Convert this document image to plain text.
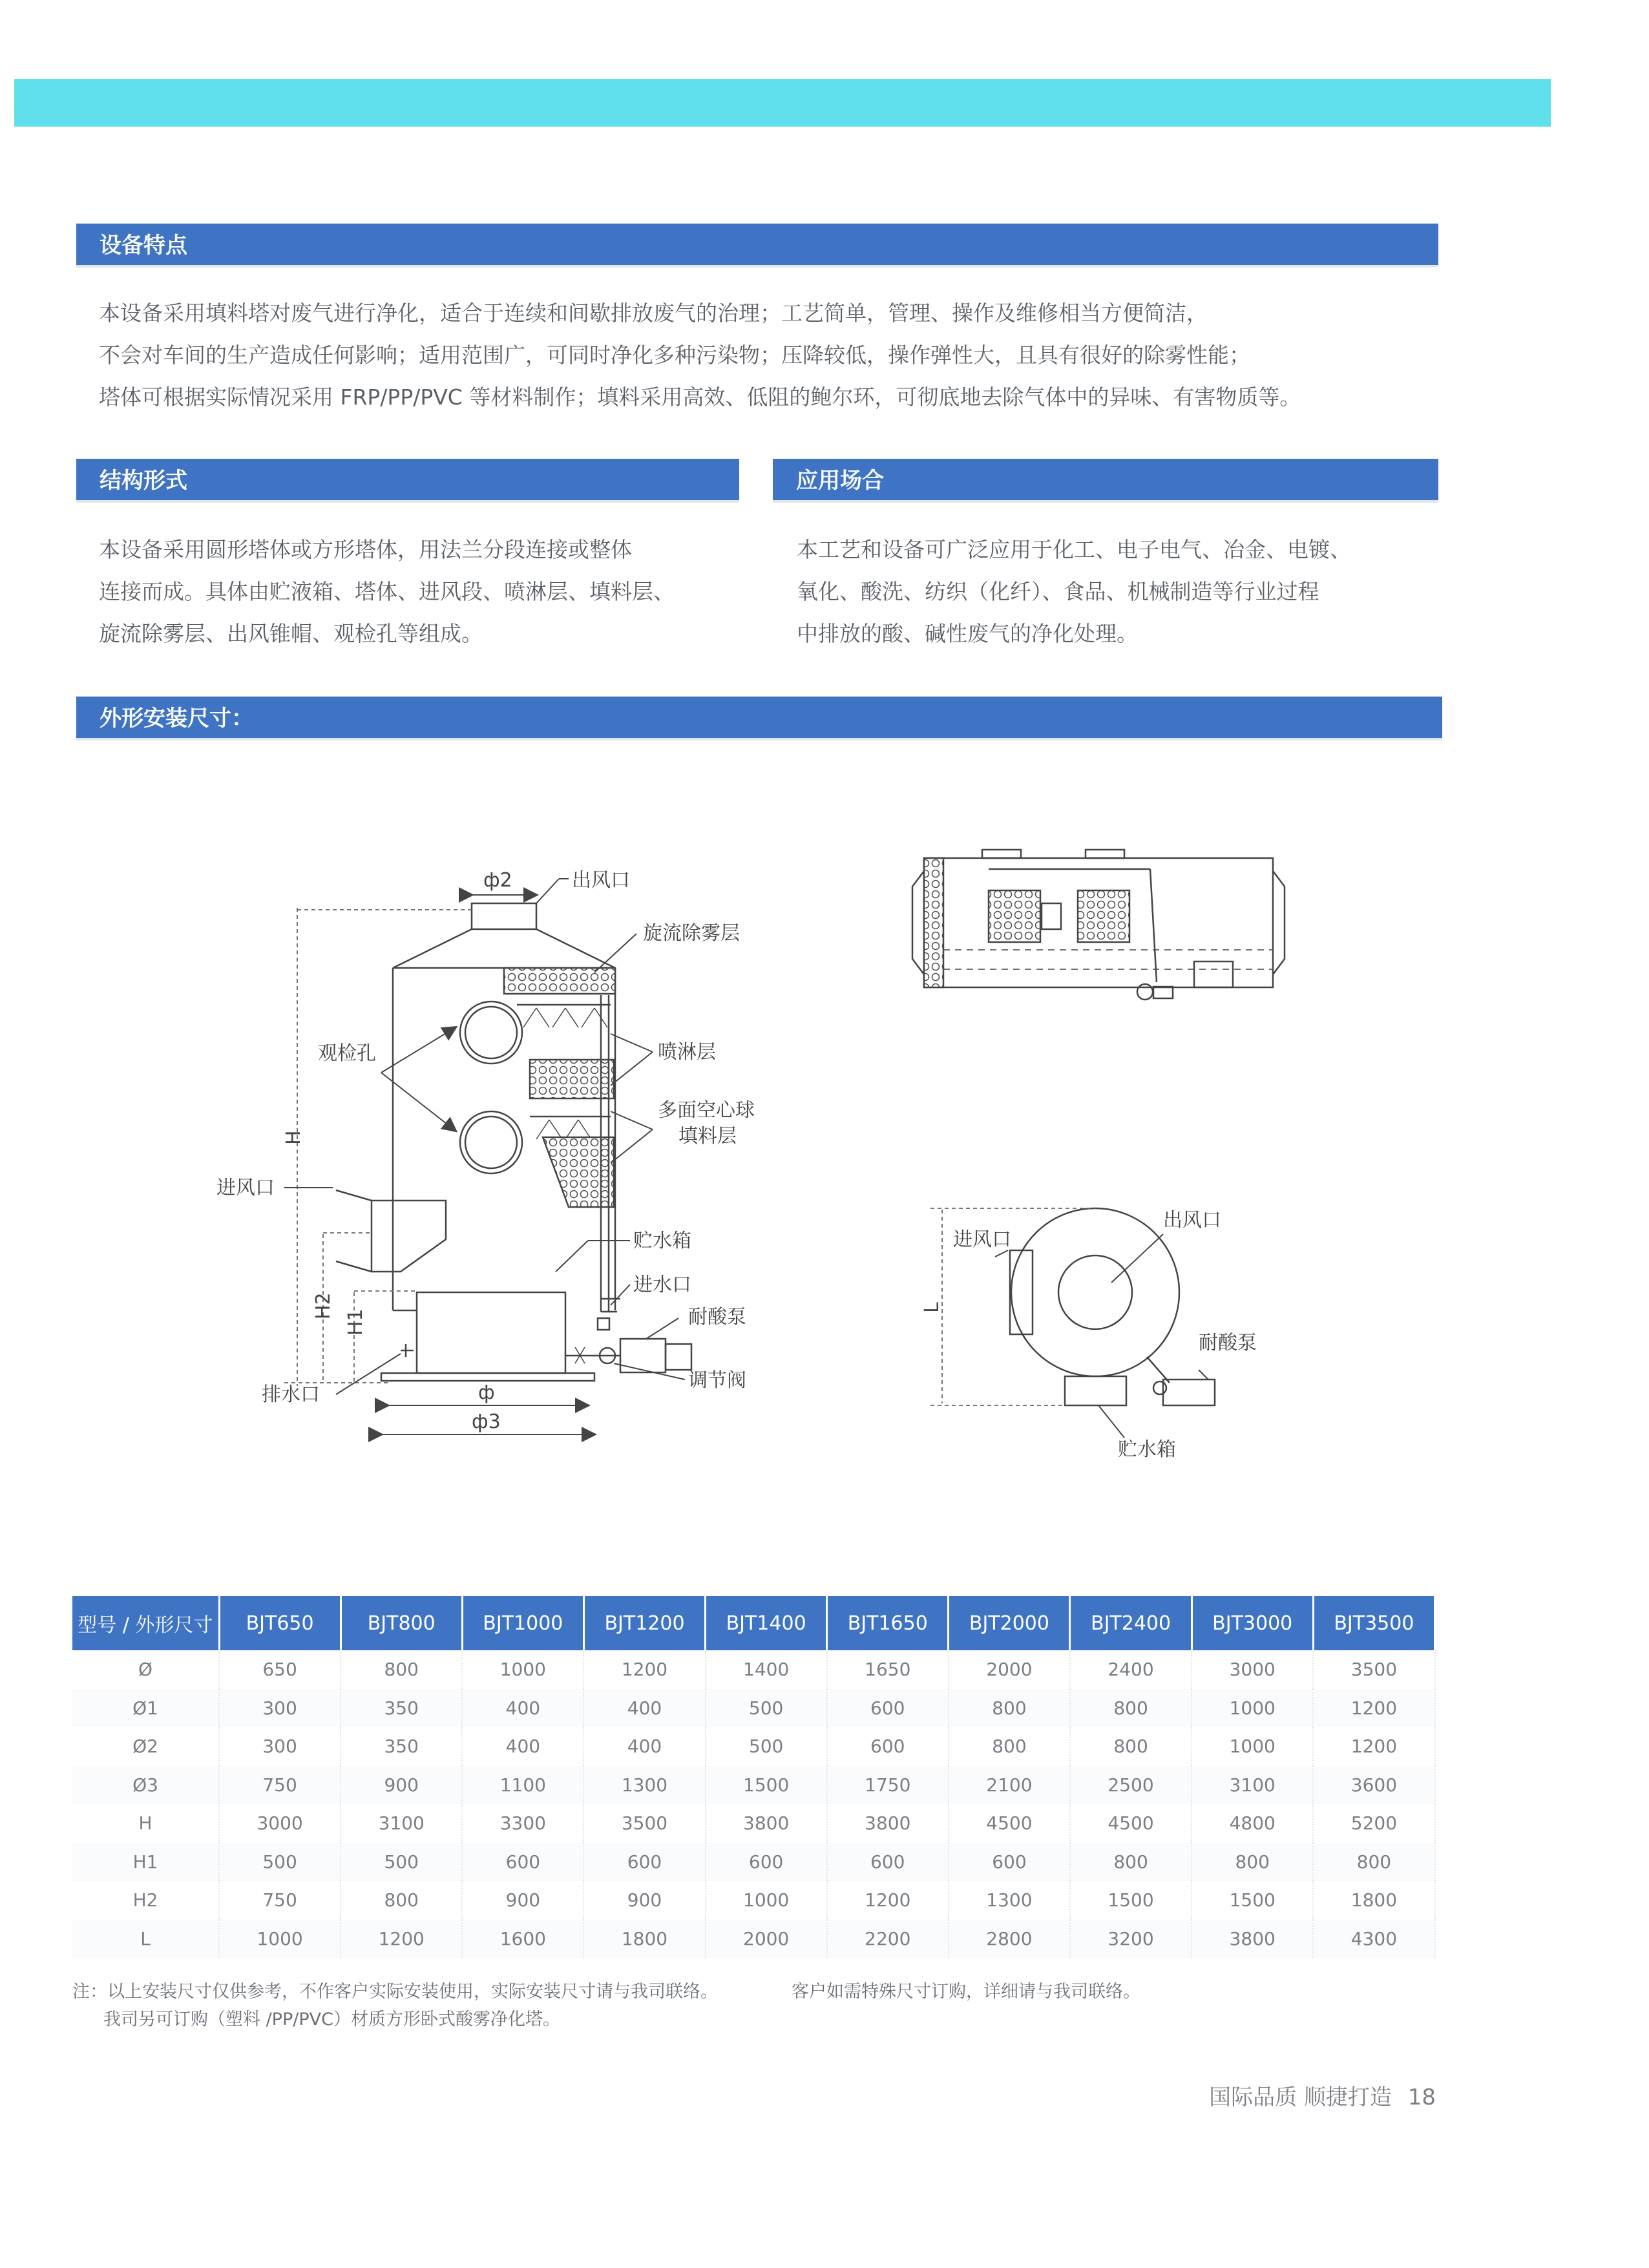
设备特点
本设备采用填料塔对废气进行净化，适合于连续和间歇排放废气的治理；工艺简单，管理、操作及维修相当方便简洁，
不会对车间的生产造成任何影响；适用范围广，可同时净化多种污染物；压降较低，操作弹性大，且具有很好的除雾性能；
塔体可根据实际情况采用 FRP/PP/PVC 等材料制作；填料采用高效、低阻的鲍尔环，可彻底地去除气体中的异味、有害物质等。
结构形式
本设备采用圆形塔体或方形塔体，用法兰分段连接或整体
连接而成。具体由贮液箱、塔体、进风段、喷淋层、填料层、
旋流除雾层、出风锥帽、观检孔等组成。
应用场合
本工艺和设备可广泛应用于化工、电子电气、冶金、电镀、
氧化、酸洗、纺织（化纤）、食品、机械制造等行业过程
中排放的酸、碱性废气的净化处理。
外形安装尺寸：
ф2	出风口
旋流除雾层
观检孔	喷淋层
多面空心球
填料层
H
进风口
贮水箱
进水口
耐酸泵
H2
H1
调节阀
排水口	ф
ф3
进风口
出风口
L
耐酸泵
贮水箱
型号 / 外形尺寸	BJT650	BJT800	BJT1000	BJT1200	BJT1400	BJT1650	BJT2000	BJT2400	BJT3000	BJT3500
Ø	650	800	1000	1200	1400	1650	2000	2400	3000	3500
Ø1	300	350	400	400	500	600	800	800	1000	1200
Ø2	300	350	400	400	500	600	800	800	1000	1200
Ø3	750	900	1100	1300	1500	1750	2100	2500	3100	3600
H	3000	3100	3300	3500	3800	3800	4500	4500	4800	5200
H1	500	500	600	600	600	600	600	800	800	800
H2	750	800	900	900	1000	1200	1300	1500	1500	1800
L	1000	1200	1600	1800	2000	2200	2800	3200	3800	4300
注：以上安装尺寸仅供参考，不作客户实际安装使用，实际安装尺寸请与我司联络。	客户如需特殊尺寸订购，详细请与我司联络。
我司另可订购（塑料 /PP/PVC）材质方形卧式酸雾净化塔。
国际品质 顺捷打造 18
